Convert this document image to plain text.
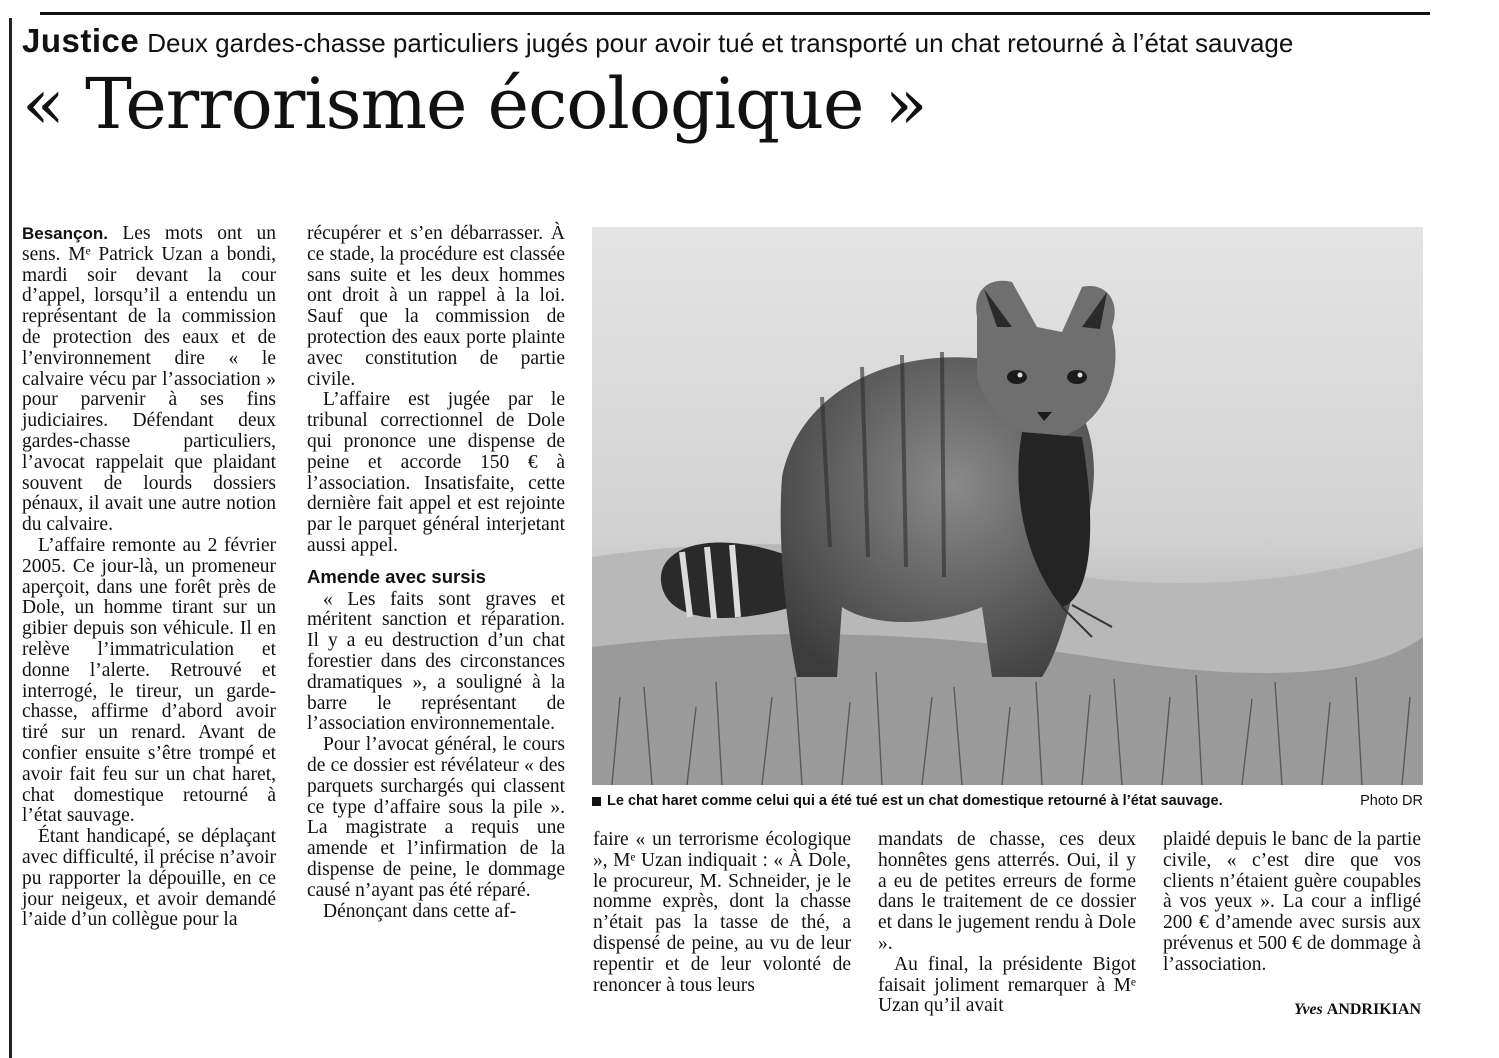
Justice Deux gardes-chasse particuliers jugés pour avoir tué et transporté un chat retourné à l’état sauvage
« Terrorisme écologique »

Besançon. Les mots ont un sens. Mᵉ Patrick Uzan a bondi, mardi soir devant la cour d’appel, lorsqu’il a entendu un représentant de la commission de protection des eaux et de l’environnement dire « le calvaire vécu par l’association » pour parvenir à ses fins judiciaires. Défendant deux gardes-chasse particuliers, l’avocat rappelait que plaidant souvent de lourds dossiers pénaux, il avait une autre notion du calvaire.

L’affaire remonte au 2 février 2005. Ce jour-là, un promeneur aperçoit, dans une forêt près de Dole, un homme tirant sur un gibier depuis son véhicule. Il en relève l’immatriculation et donne l’alerte. Retrouvé et interrogé, le tireur, un garde-chasse, affirme d’abord avoir tiré sur un renard. Avant de confier ensuite s’être trompé et avoir fait feu sur un chat haret, chat domestique retourné à l’état sauvage.

Étant handicapé, se déplaçant avec difficulté, il précise n’avoir pu rapporter la dépouille, en ce jour neigeux, et avoir demandé l’aide d’un collègue pour la

récupérer et s’en débarrasser. À ce stade, la procédure est classée sans suite et les deux hommes ont droit à un rappel à la loi. Sauf que la commission de protection des eaux porte plainte avec constitution de partie civile.

L’affaire est jugée par le tribunal correctionnel de Dole qui prononce une dispense de peine et accorde 150 € à l’association. Insatisfaite, cette dernière fait appel et est rejointe par le parquet général interjetant aussi appel.

Amende avec sursis

« Les faits sont graves et méritent sanction et réparation. Il y a eu destruction d’un chat forestier dans des circonstances dramatiques », a souligné à la barre le représentant de l’association environnementale.

Pour l’avocat général, le cours de ce dossier est révélateur « des parquets surchargés qui classent ce type d’affaire sous la pile ». La magistrate a requis une amende et l’infirmation de la dispense de peine, le dommage causé n’ayant pas été réparé.

Dénonçant dans cette af-

faire « un terrorisme écologique », Mᵉ Uzan indiquait : « À Dole, le procureur, M. Schneider, je le nomme exprès, dont la chasse n’était pas la tasse de thé, a dispensé de peine, au vu de leur repentir et de leur volonté de renoncer à tous leurs

mandats de chasse, ces deux honnêtes gens atterrés. Oui, il y a eu de petites erreurs de forme dans le traitement de ce dossier et dans le jugement rendu à Dole ».

Au final, la présidente Bigot faisait joliment remarquer à Mᵉ Uzan qu’il avait

plaidé depuis le banc de la partie civile, « c’est dire que vos clients n’étaient guère coupables à vos yeux ». La cour a infligé 200 € d’amende avec sursis aux prévenus et 500 € de dommage à l’association.

Le chat haret comme celui qui a été tué est un chat domestique retourné à l’état sauvage.	Photo DR
Yves ANDRIKIAN
